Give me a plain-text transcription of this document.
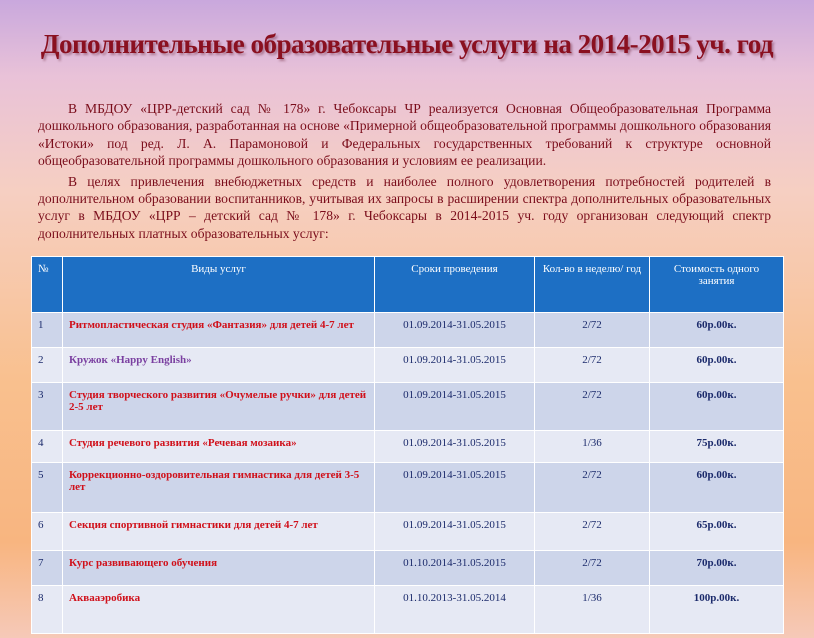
Дополнительные образовательные услуги на 2014-2015 уч. год

В МБДОУ «ЦРР-детский сад № 178» г. Чебоксары ЧР реализуется Основная Общеобразовательная Программа дошкольного образования, разработанная на основе «Примерной общеобразовательной программы дошкольного образования «Истоки» под ред. Л. А. Парамоновой и Федеральных государственных требований к структуре основной общеобразовательной программы дошкольного образования и условиям ее реализации.

В целях привлечения внебюджетных средств и наиболее полного удовлетворения потребностей родителей в дополнительном образовании воспитанников, учитывая их запросы в расширении спектра дополнительных образовательных услуг в МБДОУ «ЦРР – детский сад № 178» г. Чебоксары в 2014-2015 уч. году организован следующий спектр дополнительных платных образовательных услуг:

№	Виды услуг	Сроки проведения	Кол-во в неделю/ год	Стоимость одного занятия
1	Ритмопластическая студия «Фантазия» для детей 4-7 лет	01.09.2014-31.05.2015	2/72	60р.00к.
2	Кружок «Happy English»	01.09.2014-31.05.2015	2/72	60р.00к.
3	Студия творческого развития «Очумелые ручки» для детей 2-5 лет	01.09.2014-31.05.2015	2/72	60р.00к.
4	Студия речевого развития «Речевая мозаика»	01.09.2014-31.05.2015	1/36	75р.00к.
5	Коррекционно-оздоровительная гимнастика для детей 3-5 лет	01.09.2014-31.05.2015	2/72	60р.00к.
6	Секция спортивной гимнастики для детей 4-7 лет	01.09.2014-31.05.2015	2/72	65р.00к.
7	Курс развивающего обучения	01.10.2014-31.05.2015	2/72	70р.00к.
8	Аквааэробика	01.10.2013-31.05.2014	1/36	100р.00к.
